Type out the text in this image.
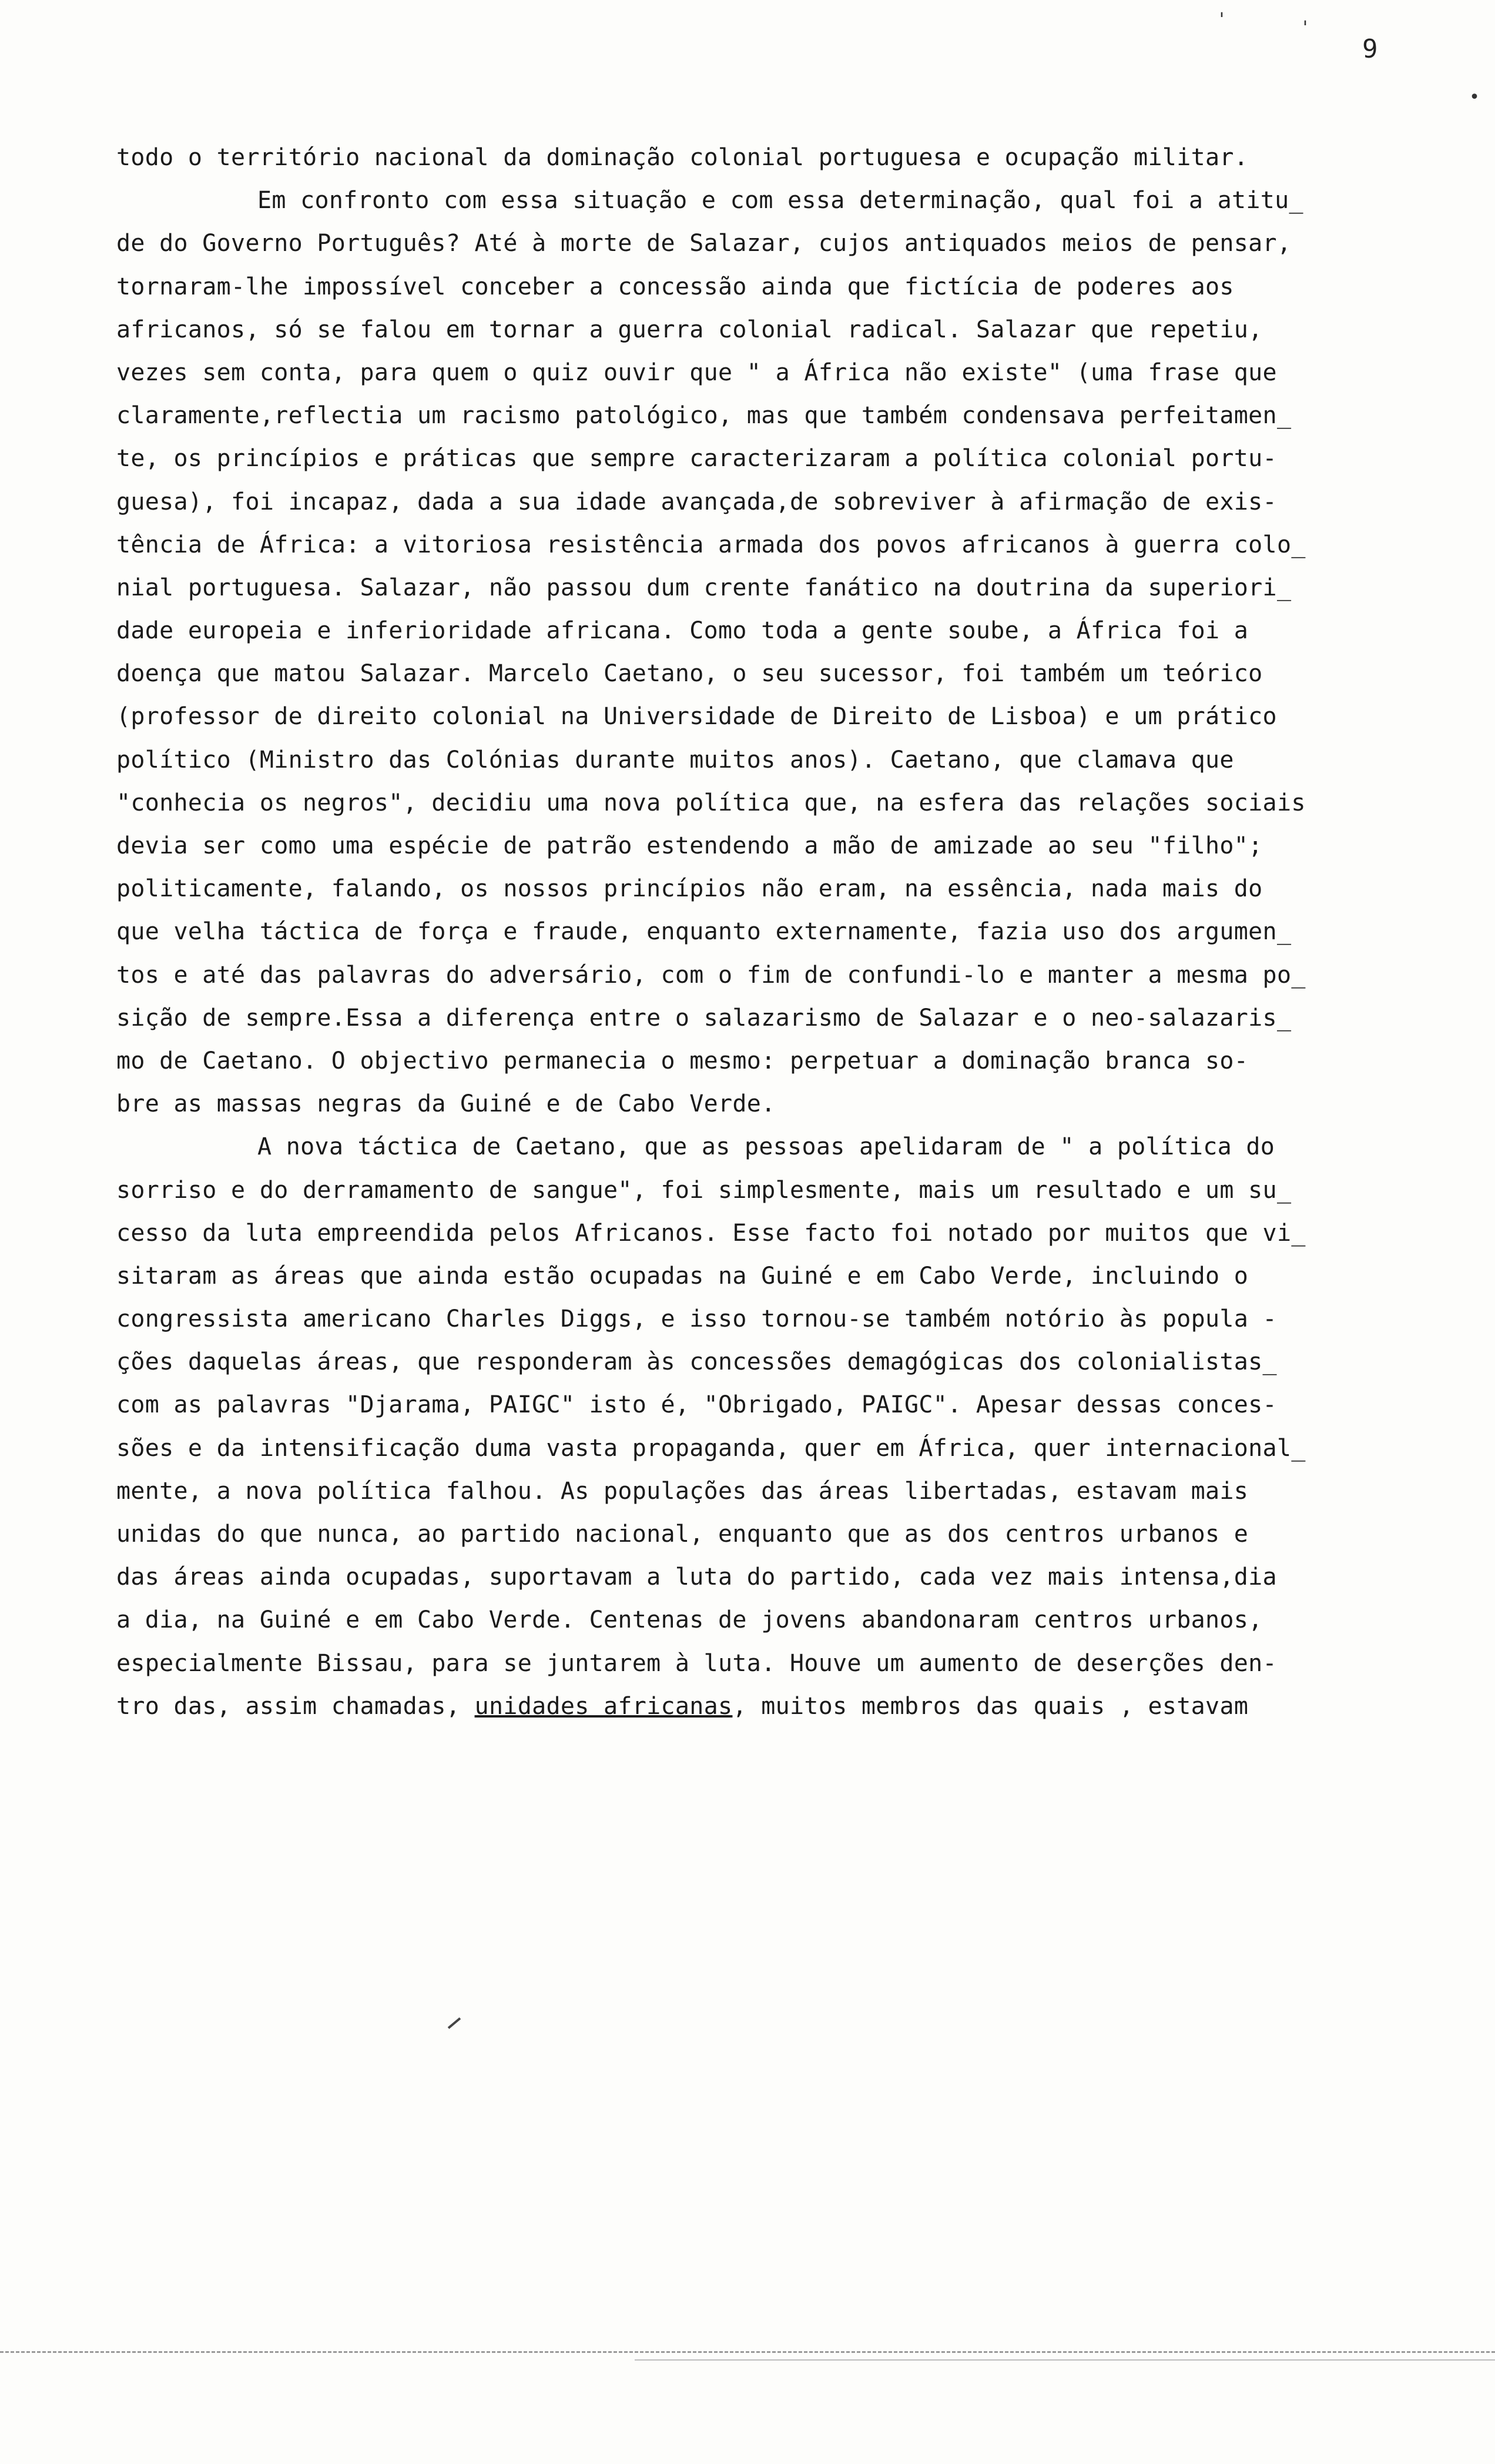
9
'	'
•
todo o território nacional da dominação colonial portuguesa e ocupação militar.
Em confronto com essa situação e com essa determinação, qual foi a atitu_
de do Governo Português? Até à morte de Salazar, cujos antiquados meios de pensar,
tornaram-lhe impossível conceber a concessão ainda que fictícia de poderes aos
africanos, só se falou em tornar a guerra colonial radical. Salazar que repetiu,
vezes sem conta, para quem o quiz ouvir que " a África não existe" (uma frase que
claramente,reflectia um racismo patológico, mas que também condensava perfeitamen_
te, os princípios e práticas que sempre caracterizaram a política colonial portu-
guesa), foi incapaz, dada a sua idade avançada,de sobreviver à afirmação de exis-
tência de África: a vitoriosa resistência armada dos povos africanos à guerra colo_
nial portuguesa. Salazar, não passou dum crente fanático na doutrina da superiori_
dade europeia e inferioridade africana. Como toda a gente soube, a África foi a
doença que matou Salazar. Marcelo Caetano, o seu sucessor, foi também um teórico
(professor de direito colonial na Universidade de Direito de Lisboa) e um prático
político (Ministro das Colónias durante muitos anos). Caetano, que clamava que
"conhecia os negros", decidiu uma nova política que, na esfera das relações sociais
devia ser como uma espécie de patrão estendendo a mão de amizade ao seu "filho";
politicamente, falando, os nossos princípios não eram, na essência, nada mais do
que velha táctica de força e fraude, enquanto externamente, fazia uso dos argumen_
tos e até das palavras do adversário, com o fim de confundi-lo e manter a mesma po_
sição de sempre.Essa a diferença entre o salazarismo de Salazar e o neo-salazaris_
mo de Caetano. O objectivo permanecia o mesmo: perpetuar a dominação branca so-
bre as massas negras da Guiné e de Cabo Verde.
A nova táctica de Caetano, que as pessoas apelidaram de " a política do
sorriso e do derramamento de sangue", foi simplesmente, mais um resultado e um su_
cesso da luta empreendida pelos Africanos. Esse facto foi notado por muitos que vi_
sitaram as áreas que ainda estão ocupadas na Guiné e em Cabo Verde, incluindo o
congressista americano Charles Diggs, e isso tornou-se também notório às popula -
ções daquelas áreas, que responderam às concessões demagógicas dos colonialistas_
com as palavras "Djarama, PAIGC" isto é, "Obrigado, PAIGC". Apesar dessas conces-
sões e da intensificação duma vasta propaganda, quer em África, quer internacional_
mente, a nova política falhou. As populações das áreas libertadas, estavam mais
unidas do que nunca, ao partido nacional, enquanto que as dos centros urbanos e
das áreas ainda ocupadas, suportavam a luta do partido, cada vez mais intensa,dia
a dia, na Guiné e em Cabo Verde. Centenas de jovens abandonaram centros urbanos,
especialmente Bissau, para se juntarem à luta. Houve um aumento de deserções den-
tro das, assim chamadas, unidades africanas, muitos membros das quais , estavam
